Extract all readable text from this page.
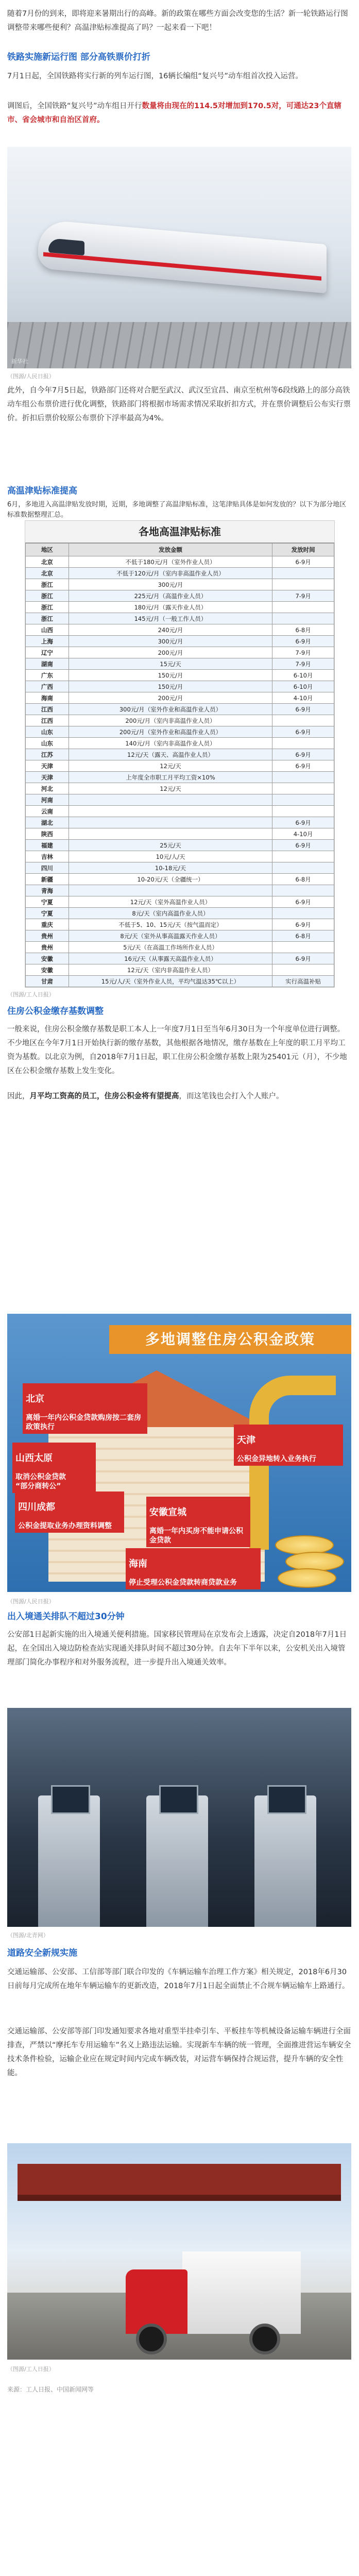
随着7月份的到来，即将迎来暑期出行的高峰。新的政策在哪些方面会改变您的生活？新一轮铁路运行图调整带来哪些便利？高温津贴标准提高了吗？一起来看一下吧！

铁路实施新运行图 部分高铁票价打折

7月1日起，全国铁路将实行新的列车运行图，16辆长编组“复兴号”动车组首次投入运营。

调图后，全国铁路“复兴号”动车组日开行数量将由现在的114.5对增加到170.5对，可通达23个直辖市、省会城市和自治区首府。

新华社

（图源/人民日报）

此外，自今年7月5日起，铁路部门还将对合肥至武汉、武汉至宜昌、南京至杭州等6段线路上的部分高铁动车组公布票价进行优化调整，铁路部门将根据市场需求情况采取折扣方式，并在票价调整后公布实行票价。折扣后票价较原公布票价下浮率最高为4%。

高温津贴标准提高

6月，多地进入高温津贴发放时期，近期，多地调整了高温津贴标准，这笔津贴具体是如何发放的？以下为部分地区标准数据整理汇总。

各地高温津贴标准
地区	发放金额	发放时间
北京	不低于180元/月（室外作业人员）	6-9月
北京	不低于120元/月（室内非高温作业人员）	
浙江	300元/月	
浙江	225元/月（高温作业人员）	7-9月
浙江	180元/月（露天作业人员）	
浙江	145元/月（一般工作人员）	
山西	240元/月	6-8月
上海	300元/月	6-9月
辽宁	200元/月	7-9月
湖南	15元/天	7-9月
广东	150元/月	6-10月
广西	150元/月	6-10月
海南	200元/月	4-10月
江西	300元/月（室外作业和高温作业人员）	6-9月
江西	200元/月（室内非高温作业人员）	
山东	200元/月（室外作业和高温作业人员）	6-9月
山东	140元/月（室内非高温作业人员）	
江苏	12元/天（露天、高温作业人员）	6-9月
天津	12元/天	6-9月
天津	上年度全市职工月平均工资×10%	
河北	12元/天	
河南		
云南		
湖北		6-9月
陕西		4-10月
福建	25元/天	6-9月
吉林	10元/人/天	
四川	10-18元/天	
新疆	10-20元/天（全疆统一）	6-8月
青海		
宁夏	12元/天（室外高温作业人员）	6-9月
宁夏	8元/天（室内高温作业人员）	
重庆	不低于5、10、15元/天（按气温而定）	6-9月
贵州	8元/天（室外从事高温露天作业人员）	6-8月
贵州	5元/天（在高温工作场所作业人员）	
安徽	16元/天（从事露天高温作业人员）	6-9月
安徽	12元/天（室内非高温作业人员）	
甘肃	15元/人/天（室外作业人员，平均气温达35℃以上）	实行高温补贴

（图源/工人日报）

住房公积金缴存基数调整

一般来说，住房公积金缴存基数是职工本人上一年度7月1日至当年6月30日为一个年度单位进行调整。不少地区在今年7月1日开始执行新的缴存基数，其他根据各地情况，缴存基数在上年度的职工月平均工资为基数。以北京为例，自2018年7月1日起，职工住房公积金缴存基数上限为25401元（月），不少地区在公积金缴存基数上发生变化。

因此，月平均工资高的员工，住房公积金将有望提高，而这笔钱也会打入个人账户。

多地调整住房公积金政策

北京

离婚一年内公积金贷款购房按二套房政策执行

天津

公积金异地转入业务执行

山西太原

取消公积金贷款
“部分商转公”

四川成都

公积金提取业务办理资料调整

安徽宣城

离婚一年内买房不能申请公积金贷款

海南

停止受理公积金贷款转商贷款业务

（图源/人民日报）

出入境通关排队不超过30分钟

公安部1日起新实施的出入境通关便利措施。国家移民管理局在京发布会上透露，决定自2018年7月1日起，在全国出入境边防检查站实现通关排队时间不超过30分钟。自去年下半年以来，公安机关出入境管理部门简化办事程序和对外服务流程，进一步提升出入境通关效率。

（图源/北青网）

道路安全新规实施

交通运输部、公安部、工信部等部门联合印发的《车辆运输车治理工作方案》相关规定，2018年6月30日前每月完成所在地年车辆运输车的更新改造，2018年7月1日起全面禁止不合规车辆运输车上路通行。

交通运输部、公安部等部门印发通知要求各地对重型半挂牵引车、平板挂车等机械设备运输车辆进行全面排查，严禁以“摩托车专用运输车”名义上路违法运输。实现新车车辆的统一管理，全面推进营运车辆安全技术条件检验，运输企业应在规定时间内完成车辆改装，对运营车辆保持合规运营，提升车辆的安全性能。

（图源/工人日报）

来源：工人日报、中国新闻网等
